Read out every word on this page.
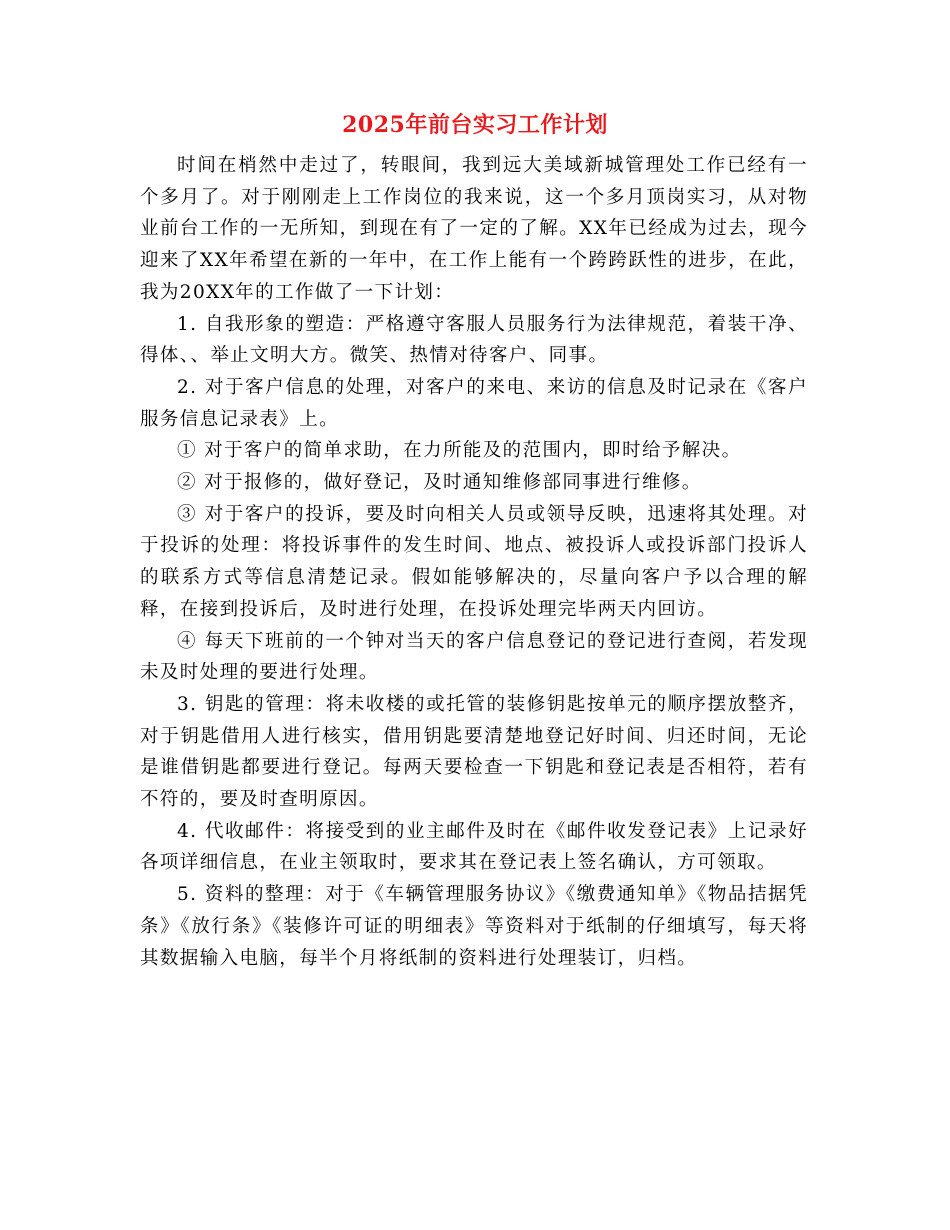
2025年前台实习工作计划

时间在梢然中走过了，转眼间，我到远大美域新城管理处工作已经有一个多月了。对于刚刚走上工作岗位的我来说，这一个多月顶岗实习，从对物业前台工作的一无所知，到现在有了一定的了解。XX年已经成为过去，现今迎来了XX年希望在新的一年中，在工作上能有一个跨跨跃性的进步，在此，我为20XX年的工作做了一下计划：

1. 自我形象的塑造：严格遵守客服人员服务行为法律规范，着装干净、得体、、举止文明大方。微笑、热情对待客户、同事。

2. 对于客户信息的处理，对客户的来电、来访的信息及时记录在《客户服务信息记录表》上。

① 对于客户的简单求助，在力所能及的范围内，即时给予解决。

② 对于报修的，做好登记，及时通知维修部同事进行维修。

③ 对于客户的投诉，要及时向相关人员或领导反映，迅速将其处理。对于投诉的处理：将投诉事件的发生时间、地点、被投诉人或投诉部门投诉人的联系方式等信息清楚记录。假如能够解决的，尽量向客户予以合理的解释，在接到投诉后，及时进行处理，在投诉处理完毕两天内回访。

④ 每天下班前的一个钟对当天的客户信息登记的登记进行查阅，若发现未及时处理的要进行处理。

3. 钥匙的管理：将未收楼的或托管的装修钥匙按单元的顺序摆放整齐，对于钥匙借用人进行核实，借用钥匙要清楚地登记好时间、归还时间，无论是谁借钥匙都要进行登记。每两天要检查一下钥匙和登记表是否相符，若有不符的，要及时查明原因。

4. 代收邮件：将接受到的业主邮件及时在《邮件收发登记表》上记录好各项详细信息，在业主领取时，要求其在登记表上签名确认，方可领取。

5. 资料的整理：对于《车辆管理服务协议》《缴费通知单》《物品拮据凭条》《放行条》《装修许可证的明细表》等资料对于纸制的仔细填写，每天将其数据输入电脑，每半个月将纸制的资料进行处理装订，归档。
